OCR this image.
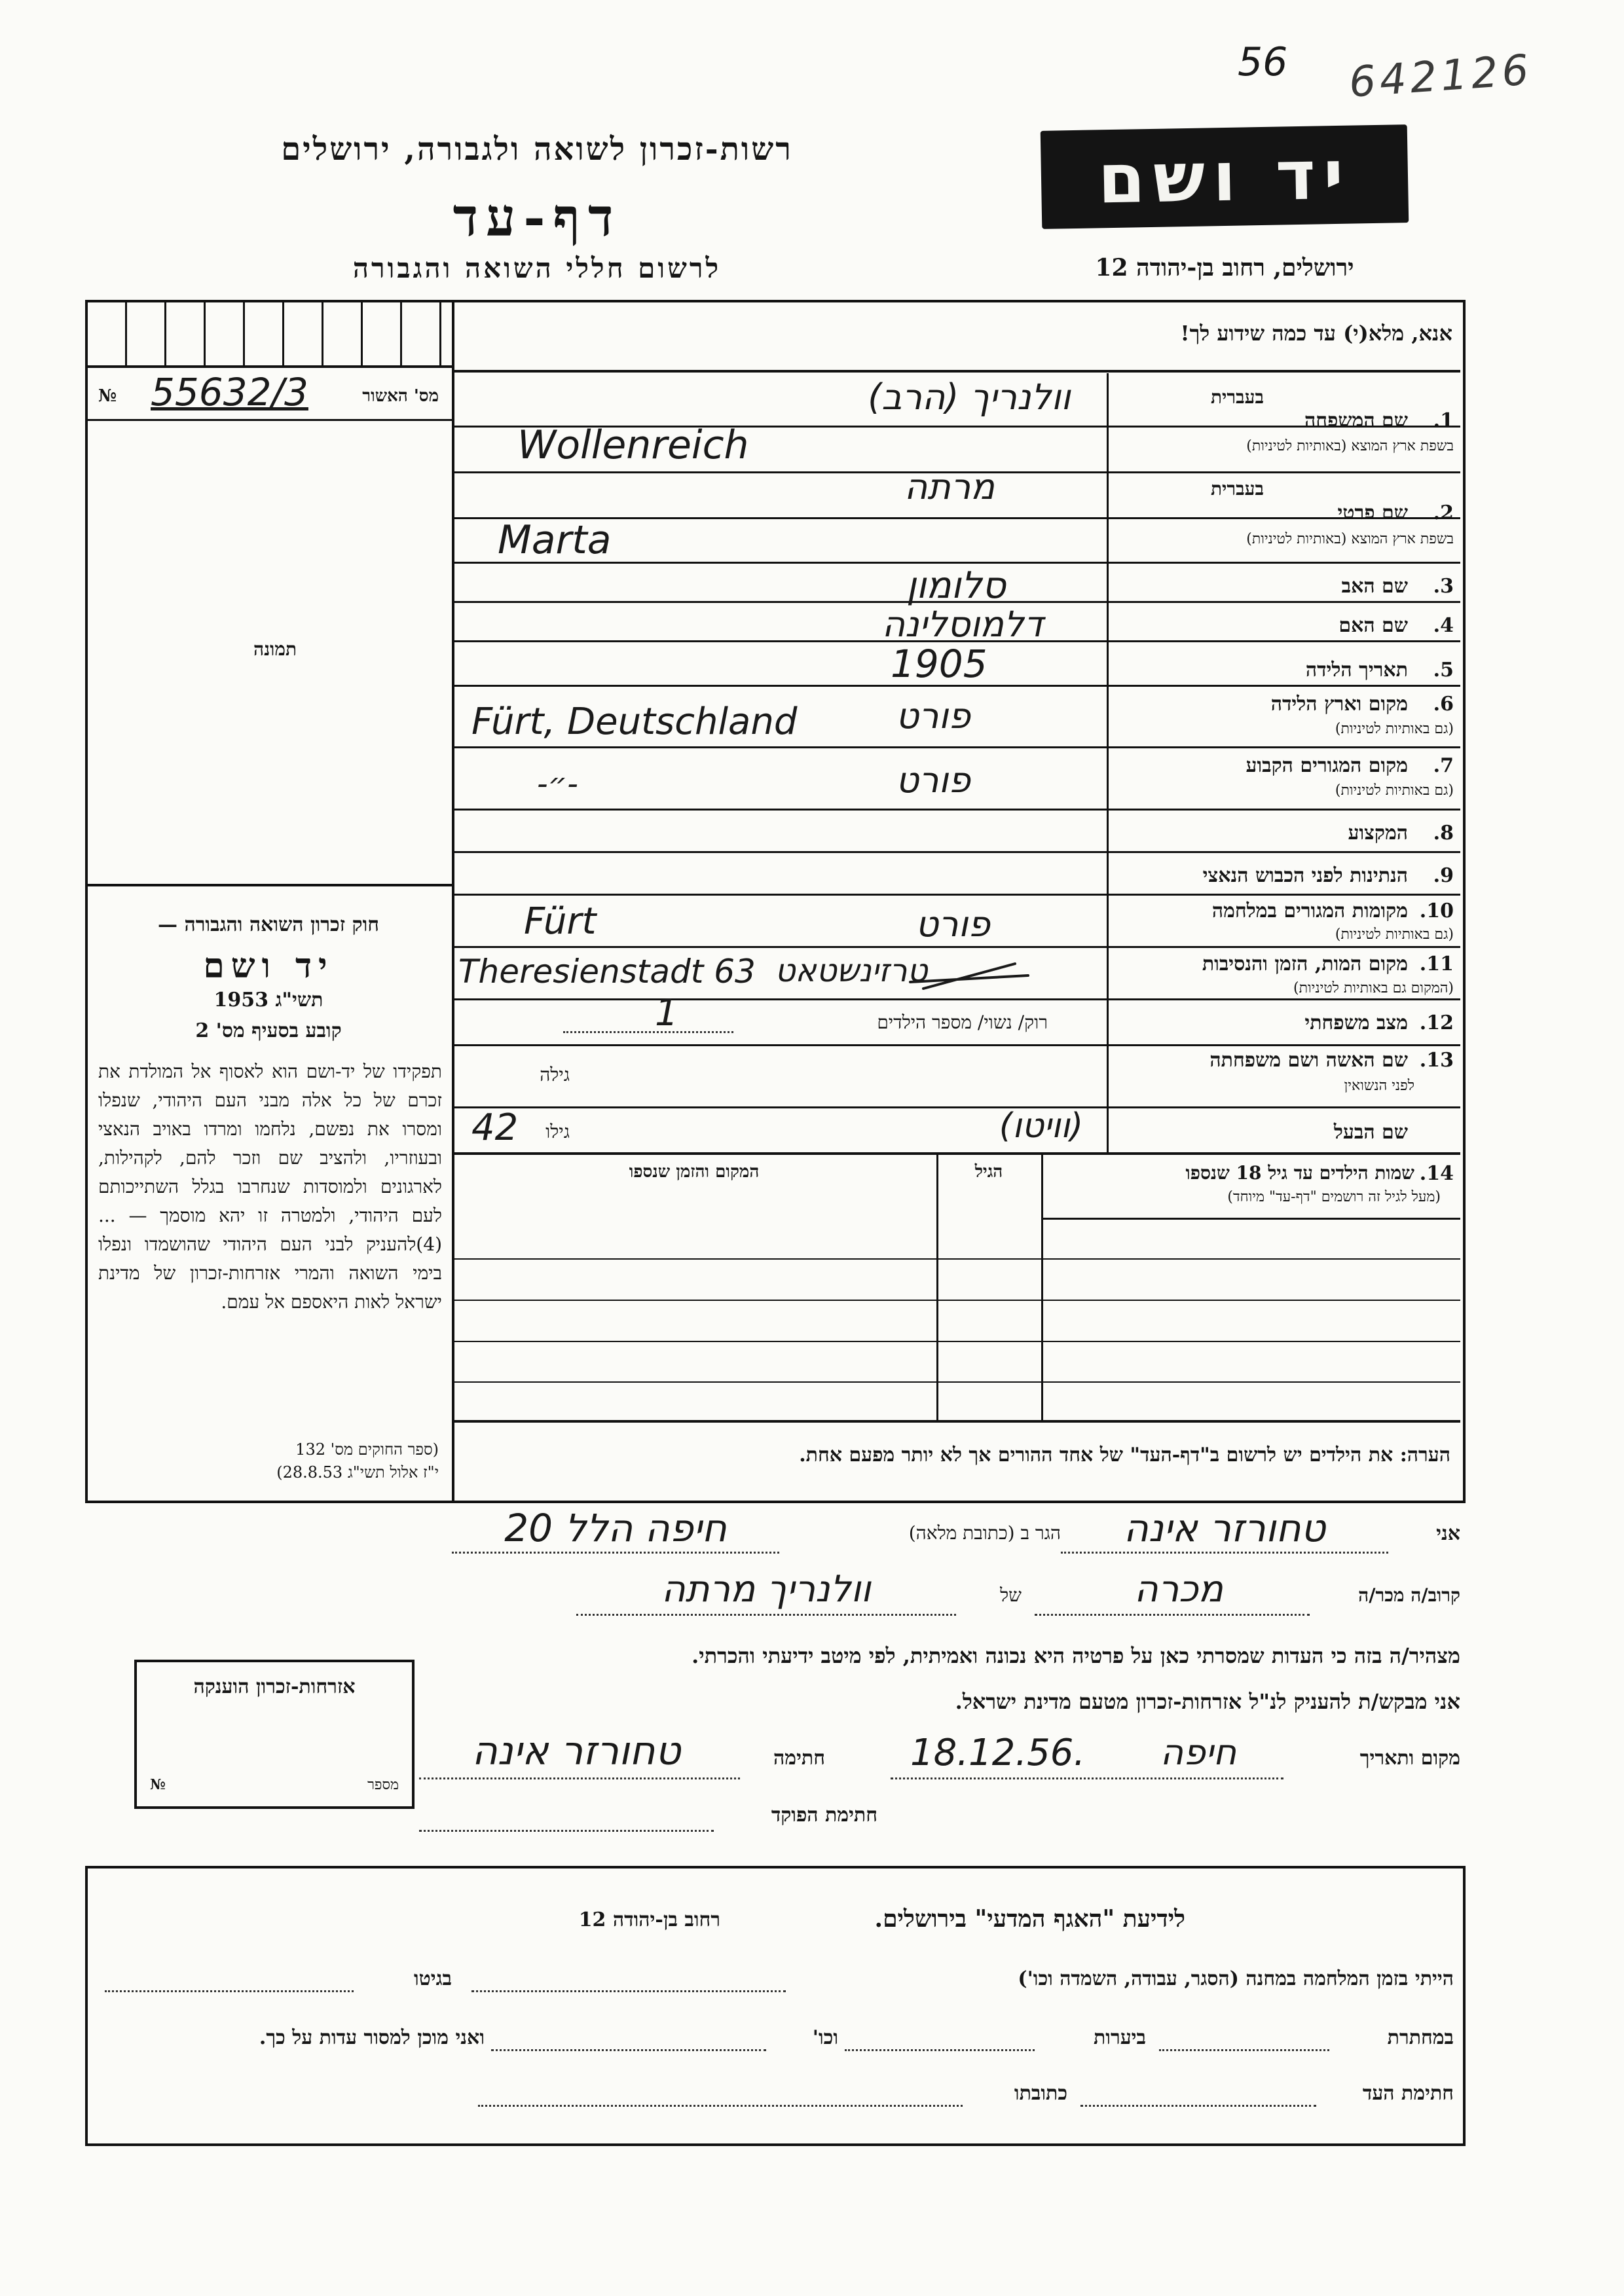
56 642126
רשות-זכרון לשואה ולגבורה, ירושלים
דף-עד
לרשום חללי השואה והגבורה
יד ושם
ירושלים, רחוב בן-יהודה 12
אנא, מלא(י) עד כמה שידוע לך!
מס' האשור
№ 55632/3
תמונה
בעברית
1.
שם המשפחה
בשפת ארץ המוצא (באותיות לטיניות)
וולנריך (הרב)
Wollenreich
בעברית
2.
שם פרטי
בשפת ארץ המוצא (באותיות לטיניות)
מרתה
Marta
3.
שם האב
סלומון
4.
שם האם
דלמוסלינה
5.
תאריך הלידה
1905
6.
מקום וארץ הלידה
(גם באותיות לטיניות)
פורט
Fürt, Deutschland
7.
מקום המגורים הקבוע
(גם באותיות לטיניות)
פורט
-״-
8.
המקצוע
9.
הנתינות לפני הכבוש הנאצי
10.
מקומות המגורים במלחמה
(גם באותיות לטיניות)
פורט
Fürt
11.
מקום המות, הזמן והנסיבות
(המקום גם באותיות לטיניות)
Theresienstadt 63 טרזינשטאט
12.
מצב משפחתי
רוק/ נשוי/ מספר הילדים
1
13.
שם האשה ושם משפחתה
לפני הנשואין
גילה
שם הבעל
(וויטו)
גילו
42
14.
שמות הילדים עד גיל 18 שנספו
(מעל לגיל זה רושמים "דף-עד" מיוחד)
הגיל
המקום והזמן שנספו
הערה: את הילדים יש לרשום ב"דף-העד" של אחד ההורים אך לא יותר מפעם אחת.
חוק זכרון השואה והגבורה —
יד ושם
תשי"ג 1953
קובע בסעיף מס' 2
תפקידו של יד-ושם הוא לאסוף אל המולדת את זכרם של כל אלה מבני העם היהודי, שנפלו ומסרו את נפשם, נלחמו ומרדו באויב הנאצי ובעוזריו, ולהציב שם וזכר להם, לקהילות, לארגונים ולמוסדות שנחרבו בגלל השתייכותם לעם היהודי, ולמטרה זו יהא מוסמך — ...(4)להעניק לבני העם היהודי שהושמדו ונפלו בימי השואה והמרי אזרחות-זכרון של מדינת ישראל לאות היאספם אל עמם.
(ספר החוקים מס' 132
י"ז אלול תשי"ג 28.8.53)
אני
טחורזר אינה
הגר ב (כתובת מלאה)
חיפה הלל 20
קרוב/ה מכר/ה
מכרה
של
וולנריך מרתה
מצהיר/ה בזה כי העדות שמסרתי כאן על פרטיה היא נכונה ואמיתית, לפי מיטב ידיעתי והכרתי.
אני מבקש/ת להעניק לנ"ל אזרחות-זכרון מטעם מדינת ישראל.
מקום ותאריך
חיפה
18.12.56.
חתימה
טחורזר אינה
חתימת הפוקד
אזרחות-זכרון הוענקה
מספר
№
לידיעת "האגף המדעי" בירושלים.
רחוב בן-יהודה 12
הייתי בזמן המלחמה במחנה (הסגר, עבודה, השמדה וכו')
בגיטו
במחתרת
ביערות
וכו'
ואני מוכן למסור עדות על כך.
חתימת העד
כתובתו
